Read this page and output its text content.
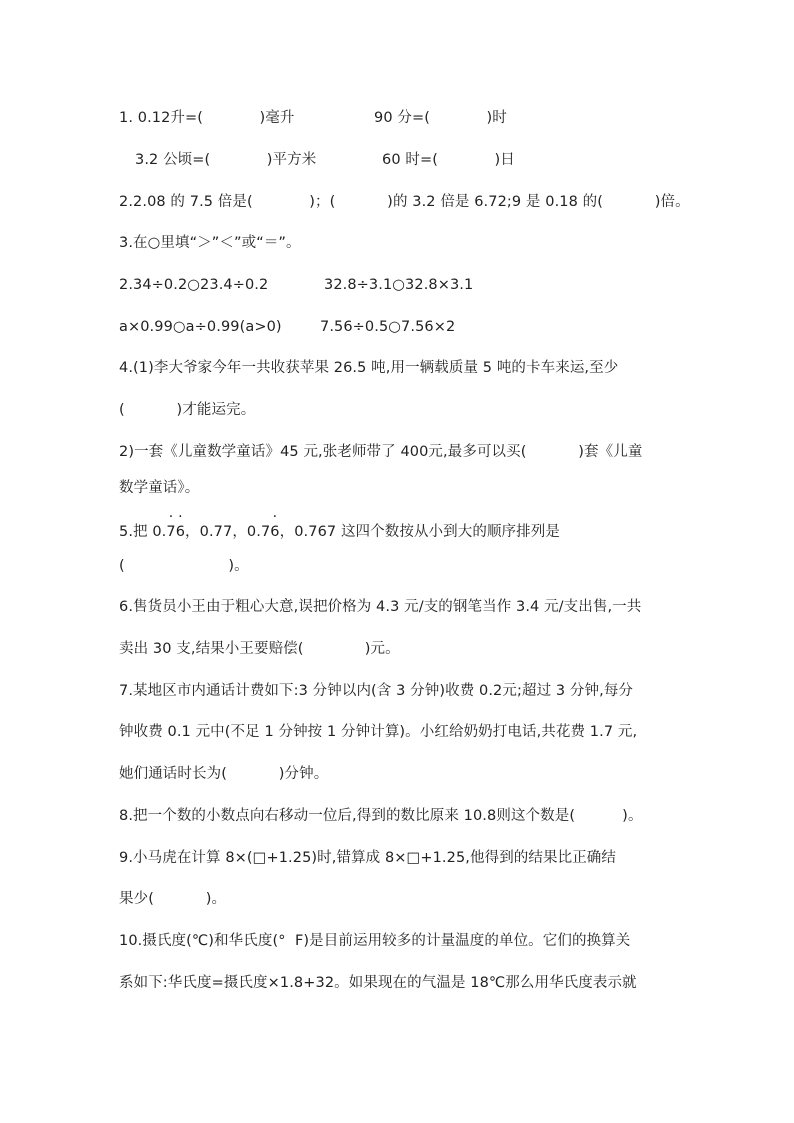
1. 0.12升=(            )毫升	90 分=(            )时
3.2 公顷=(            )平方米	60 时=(            )日
2.2.08 的 7.5 倍是(            )；(           )的 3.2 倍是 6.72;9 是 0.18 的(           )倍。
3.在○里填“＞”＜”或“＝”。
2.34÷0.2○23.4÷0.2	32.8÷3.1○32.8×3.1
a×0.99○a÷0.99(a>0)	7.56÷0.5○7.56×2
4.(1)李大爷家今年一共收获苹果 26.5 吨,用一辆载质量 5 吨的卡车来运,至少
(           )才能运完。
2)一套《儿童数学童话》45 元,张老师带了 400元,最多可以买(           )套《儿童
数学童话》。
5.把 0.· 7· 6，0.77，0.7· 6，0.767 这四个数按从小到大的顺序排列是
(                      )。
6.售货员小王由于粗心大意,误把价格为 4.3 元/支的钢笔当作 3.4 元/支出售,一共
卖出 30 支,结果小王要赔偿(             )元。
7.某地区市内通话计费如下:3 分钟以内(含 3 分钟)收费 0.2元;超过 3 分钟,每分
钟收费 0.1 元中(不足 1 分钟按 1 分钟计算)。小红给奶奶打电话,共花费 1.7 元,
她们通话时长为(           )分钟。
8.把一个数的小数点向右移动一位后,得到的数比原来 10.8则这个数是(          )。
9.小马虎在计算 8×(□+1.25)时,错算成 8×□+1.25,他得到的结果比正确结
果少(           )。
10.摄氏度(℃)和华氏度(°  F)是目前运用较多的计量温度的单位。它们的换算关
系如下:华氏度=摄氏度×1.8+32。如果现在的气温是 18℃那么用华氏度表示就
